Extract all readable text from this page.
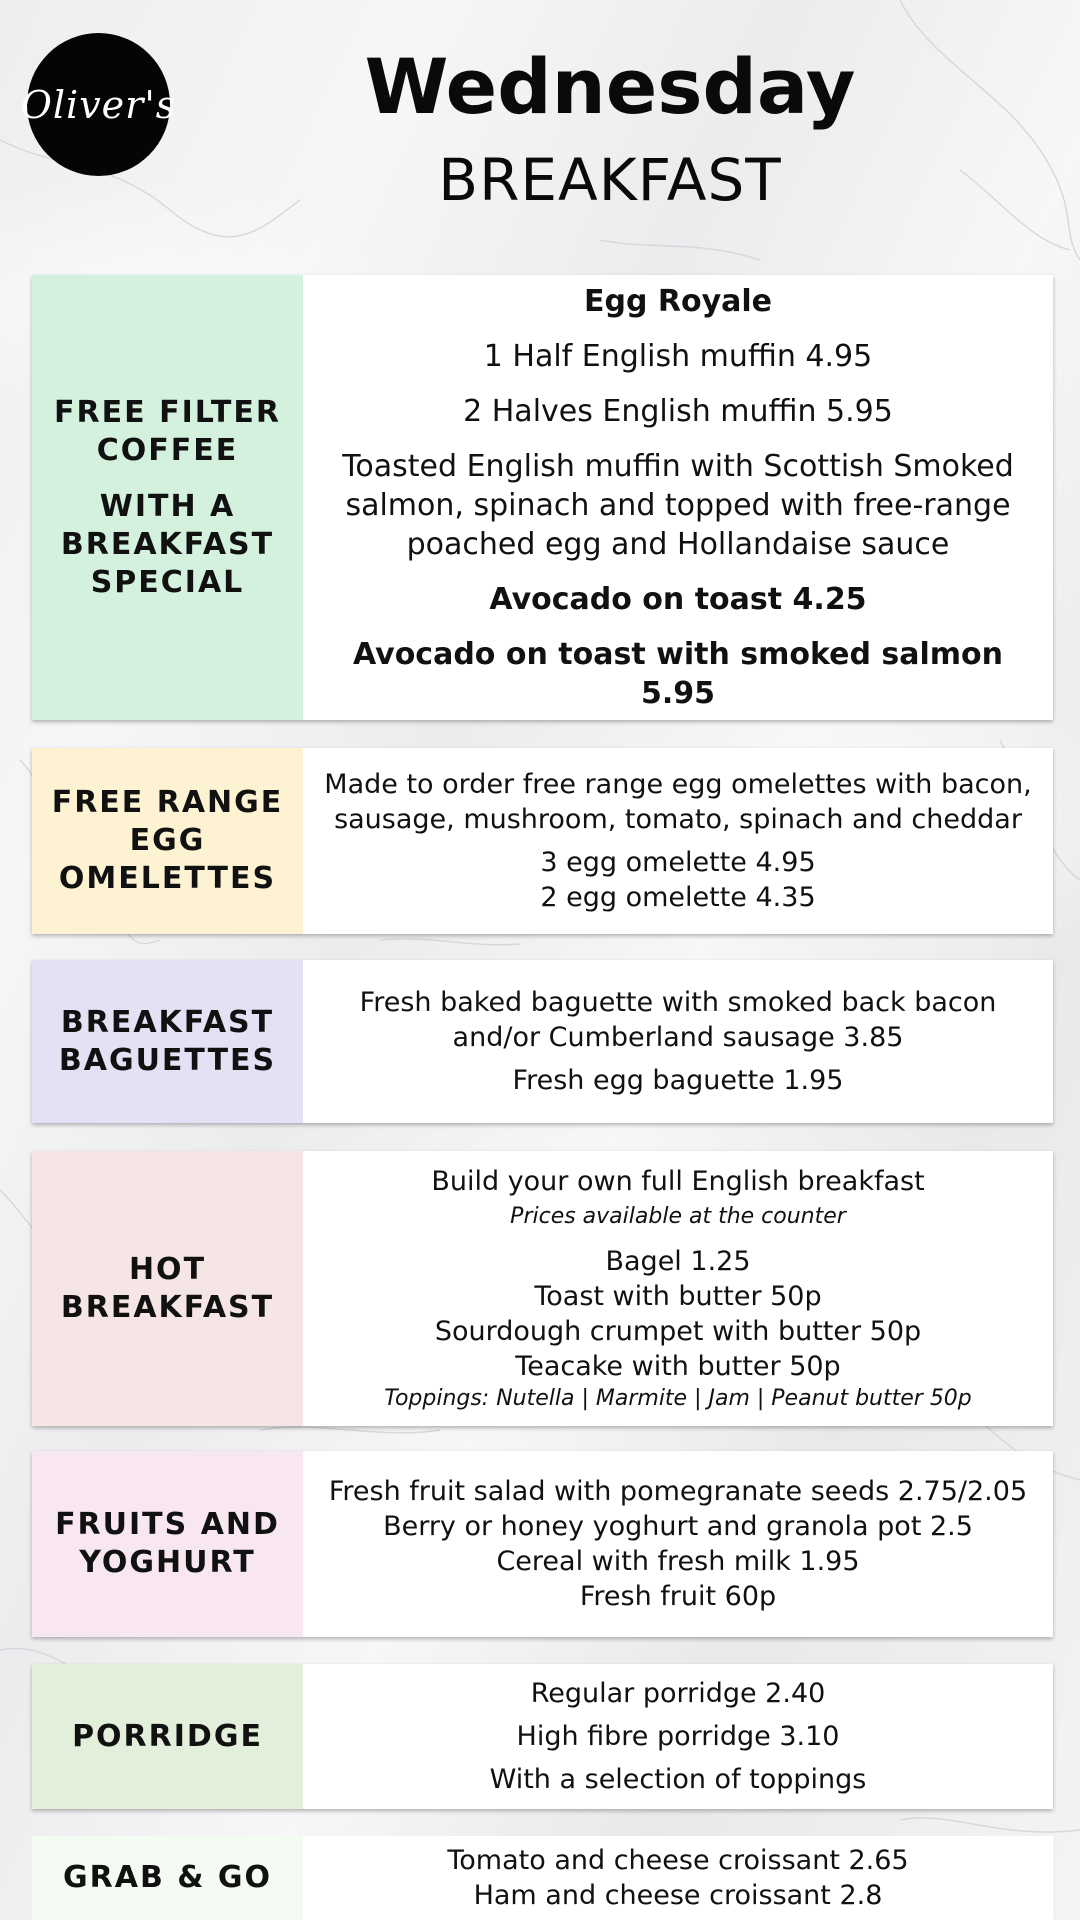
Oliver's	Wednesday
BREAKFAST
FREE FILTER
COFFEE
WITH A
BREAKFAST
SPECIAL
Egg Royale
1 Half English muffin 4.95
2 Halves English muffin 5.95
Toasted English muffin with Scottish Smoked salmon, spinach and topped with free-range poached egg and Hollandaise sauce
Avocado on toast 4.25
Avocado on toast with smoked salmon 5.95
FREE RANGE
EGG
OMELETTES
Made to order free range egg omelettes with bacon, sausage, mushroom, tomato, spinach and cheddar
3 egg omelette 4.95
2 egg omelette 4.35
BREAKFAST
BAGUETTES
Fresh baked baguette with smoked back bacon and/or Cumberland sausage 3.85
Fresh egg baguette 1.95
HOT
BREAKFAST
Build your own full English breakfast
Prices available at the counter
Bagel 1.25
Toast with butter 50p
Sourdough crumpet with butter 50p
Teacake with butter 50p
Toppings: Nutella | Marmite | Jam | Peanut butter 50p
FRUITS AND
YOGHURT
Fresh fruit salad with pomegranate seeds 2.75/2.05
Berry or honey yoghurt and granola pot 2.5
Cereal with fresh milk 1.95
Fresh fruit 60p
PORRIDGE
Regular porridge 2.40
High fibre porridge 3.10
With a selection of toppings
GRAB & GO	Tomato and cheese croissant 2.65
Ham and cheese croissant 2.8
